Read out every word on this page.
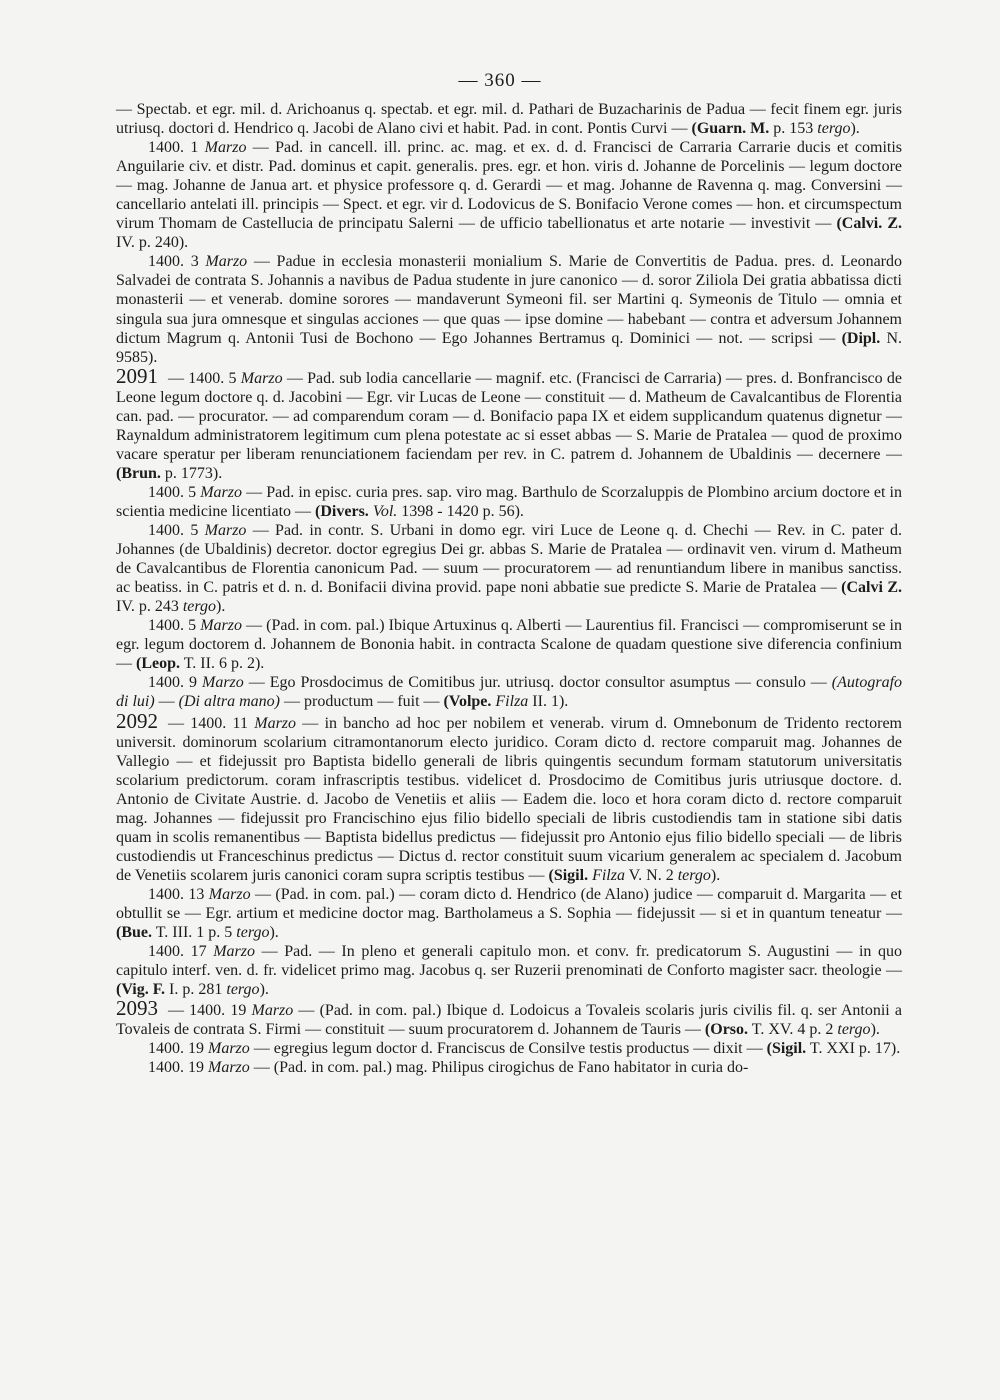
— 360 —

— Spectab. et egr. mil. d. Arichoanus q. spectab. et egr. mil. d. Pathari de Buzacharinis de Padua — fecit finem egr. juris utriusq. doctori d. Hendrico q. Jacobi de Alano civi et habit. Pad. in cont. Pontis Curvi — (Guarn. M. p. 153 tergo).

1400. 1 Marzo — Pad. in cancell. ill. princ. ac. mag. et ex. d. d. Francisci de Carraria Carrarie ducis et comitis Anguilarie civ. et distr. Pad. dominus et capit. generalis. pres. egr. et hon. viris d. Johanne de Porcelinis — legum doctore — mag. Johanne de Janua art. et physice professore q. d. Gerardi — et mag. Johanne de Ravenna q. mag. Conversini — cancellario antelati ill. principis — Spect. et egr. vir d. Lodovicus de S. Bonifacio Verone comes — hon. et circumspectum virum Thomam de Castellucia de principatu Salerni — de ufficio tabellionatus et arte notarie — investivit — (Calvi. Z. IV. p. 240).

1400. 3 Marzo — Padue in ecclesia monasterii monialium S. Marie de Convertitis de Padua. pres. d. Leonardo Salvadei de contrata S. Johannis a navibus de Padua studente in jure canonico — d. soror Ziliola Dei gratia abbatissa dicti monasterii — et venerab. domine sorores — mandaverunt Symeoni fil. ser Martini q. Symeonis de Titulo — omnia et singula sua jura omnesque et singulas acciones — que quas — ipse domine — habebant — contra et adversum Johannem dictum Magrum q. Antonii Tusi de Bochono — Ego Johannes Bertramus q. Dominici — not. — scripsi — (Dipl. N. 9585).

2091 — 1400. 5 Marzo — Pad. sub lodia cancellarie — magnif. etc. (Francisci de Carraria) — pres. d. Bonfrancisco de Leone legum doctore q. d. Jacobini — Egr. vir Lucas de Leone — constituit — d. Matheum de Cavalcantibus de Florentia can. pad. — procurator. — ad comparendum coram — d. Bonifacio papa IX et eidem supplicandum quatenus dignetur — Raynaldum administratorem legitimum cum plena potestate ac si esset abbas — S. Marie de Pratalea — quod de proximo vacare speratur per liberam renunciationem faciendam per rev. in C. patrem d. Johannem de Ubaldinis — decernere — (Brun. p. 1773).

1400. 5 Marzo — Pad. in episc. curia pres. sap. viro mag. Barthulo de Scorzaluppis de Plombino arcium doctore et in scientia medicine licentiato — (Divers. Vol. 1398 - 1420 p. 56).

1400. 5 Marzo — Pad. in contr. S. Urbani in domo egr. viri Luce de Leone q. d. Chechi — Rev. in C. pater d. Johannes (de Ubaldinis) decretor. doctor egregius Dei gr. abbas S. Marie de Pratalea — ordinavit ven. virum d. Matheum de Cavalcantibus de Florentia canonicum Pad. — suum — procuratorem — ad renuntiandum libere in manibus sanctiss. ac beatiss. in C. patris et d. n. d. Bonifacii divina provid. pape noni abbatie sue predicte S. Marie de Pratalea — (Calvi Z. IV. p. 243 tergo).

1400. 5 Marzo — (Pad. in com. pal.) Ibique Artuxinus q. Alberti — Laurentius fil. Francisci — compromiserunt se in egr. legum doctorem d. Johannem de Bononia habit. in contracta Scalone de quadam questione sive diferencia confinium — (Leop. T. II. 6 p. 2).

1400. 9 Marzo — Ego Prosdocimus de Comitibus jur. utriusq. doctor consultor asumptus — consulo — (Autografo di lui) — (Di altra mano) — productum — fuit — (Volpe. Filza II. 1).

2092 — 1400. 11 Marzo — in bancho ad hoc per nobilem et venerab. virum d. Omnebonum de Tridento rectorem universit. dominorum scolarium citramontanorum electo juridico. Coram dicto d. rectore comparuit mag. Johannes de Vallegio — et fidejussit pro Baptista bidello generali de libris quingentis secundum formam statutorum universitatis scolarium predictorum. coram infrascriptis testibus. videlicet d. Prosdocimo de Comitibus juris utriusque doctore. d. Antonio de Civitate Austrie. d. Jacobo de Venetiis et aliis — Eadem die. loco et hora coram dicto d. rectore comparuit mag. Johannes — fidejussit pro Francischino ejus filio bidello speciali de libris custodiendis tam in statione sibi datis quam in scolis remanentibus — Baptista bidellus predictus — fidejussit pro Antonio ejus filio bidello speciali — de libris custodiendis ut Franceschinus predictus — Dictus d. rector constituit suum vicarium generalem ac specialem d. Jacobum de Venetiis scolarem juris canonici coram supra scriptis testibus — (Sigil. Filza V. N. 2 tergo).

1400. 13 Marzo — (Pad. in com. pal.) — coram dicto d. Hendrico (de Alano) judice — comparuit d. Margarita — et obtullit se — Egr. artium et medicine doctor mag. Bartholameus a S. Sophia — fidejussit — si et in quantum teneatur — (Bue. T. III. 1 p. 5 tergo).

1400. 17 Marzo — Pad. — In pleno et generali capitulo mon. et conv. fr. predicatorum S. Augustini — in quo capitulo interf. ven. d. fr. videlicet primo mag. Jacobus q. ser Ruzerii prenominati de Conforto magister sacr. theologie — (Vig. F. I. p. 281 tergo).

2093 — 1400. 19 Marzo — (Pad. in com. pal.) Ibique d. Lodoicus a Tovaleis scolaris juris civilis fil. q. ser Antonii a Tovaleis de contrata S. Firmi — constituit — suum procuratorem d. Johannem de Tauris — (Orso. T. XV. 4 p. 2 tergo).

1400. 19 Marzo — egregius legum doctor d. Franciscus de Consilve testis productus — dixit — (Sigil. T. XXI p. 17).

1400. 19 Marzo — (Pad. in com. pal.) mag. Philipus cirogichus de Fano habitator in curia do-
